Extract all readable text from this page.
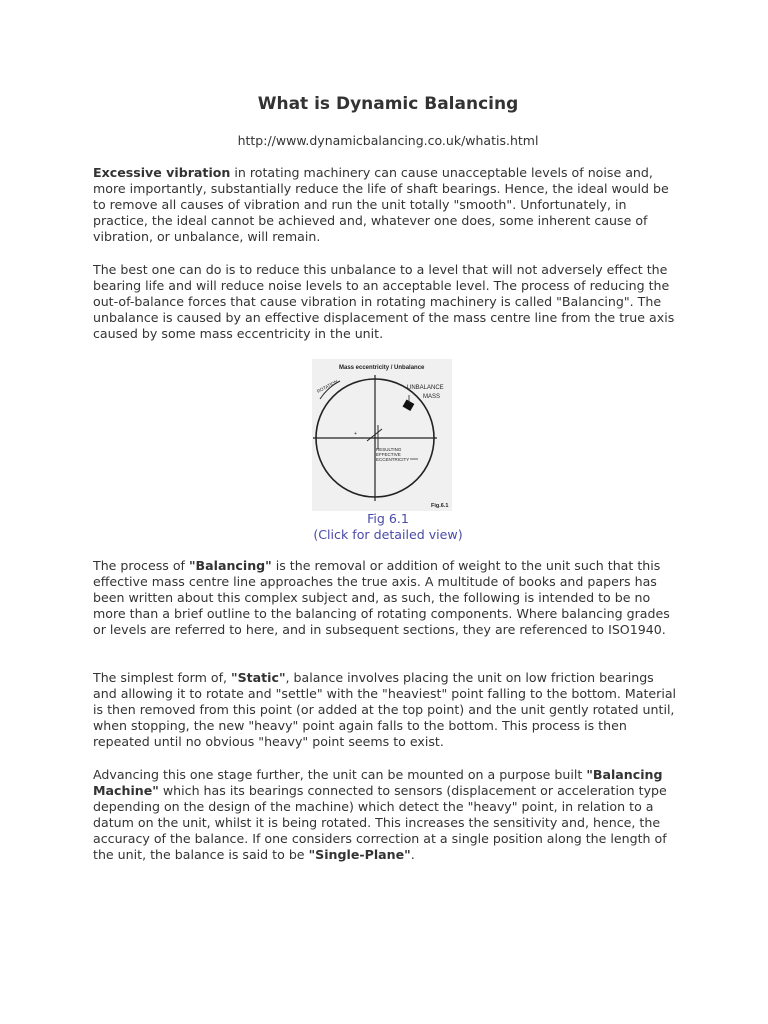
What is Dynamic Balancing
http://www.dynamicbalancing.co.uk/whatis.html

Excessive vibration in rotating machinery can cause unacceptable levels of noise and, more importantly, substantially reduce the life of shaft bearings. Hence, the ideal would be to remove all causes of vibration and run the unit totally "smooth". Unfortunately, in practice, the ideal cannot be achieved and, whatever one does, some inherent cause of vibration, or unbalance, will remain.

The best one can do is to reduce this unbalance to a level that will not adversely effect the bearing life and will reduce noise levels to an acceptable level. The process of reducing the out-of-balance forces that cause vibration in rotating machinery is called "Balancing". The unbalance is caused by an effective displacement of the mass centre line from the true axis caused by some mass eccentricity in the unit.

Mass eccentricity / Unbalance
ROTATION	UNBALANCE
MASS
+
RESULTING
EFFECTIVE
ECCENTRICITY
Fig.6.1
Fig 6.1
(Click for detailed view)

The process of "Balancing" is the removal or addition of weight to the unit such that this effective mass centre line approaches the true axis. A multitude of books and papers has been written about this complex subject and, as such, the following is intended to be no more than a brief outline to the balancing of rotating components. Where balancing grades or levels are referred to here, and in subsequent sections, they are referenced to ISO1940.

The simplest form of, "Static", balance involves placing the unit on low friction bearings and allowing it to rotate and "settle" with the "heaviest" point falling to the bottom. Material is then removed from this point (or added at the top point) and the unit gently rotated until, when stopping, the new "heavy" point again falls to the bottom. This process is then repeated until no obvious "heavy" point seems to exist.

Advancing this one stage further, the unit can be mounted on a purpose built "Balancing Machine" which has its bearings connected to sensors (displacement or acceleration type depending on the design of the machine) which detect the "heavy" point, in relation to a datum on the unit, whilst it is being rotated. This increases the sensitivity and, hence, the accuracy of the balance. If one considers correction at a single position along the length of the unit, the balance is said to be "Single-Plane".
